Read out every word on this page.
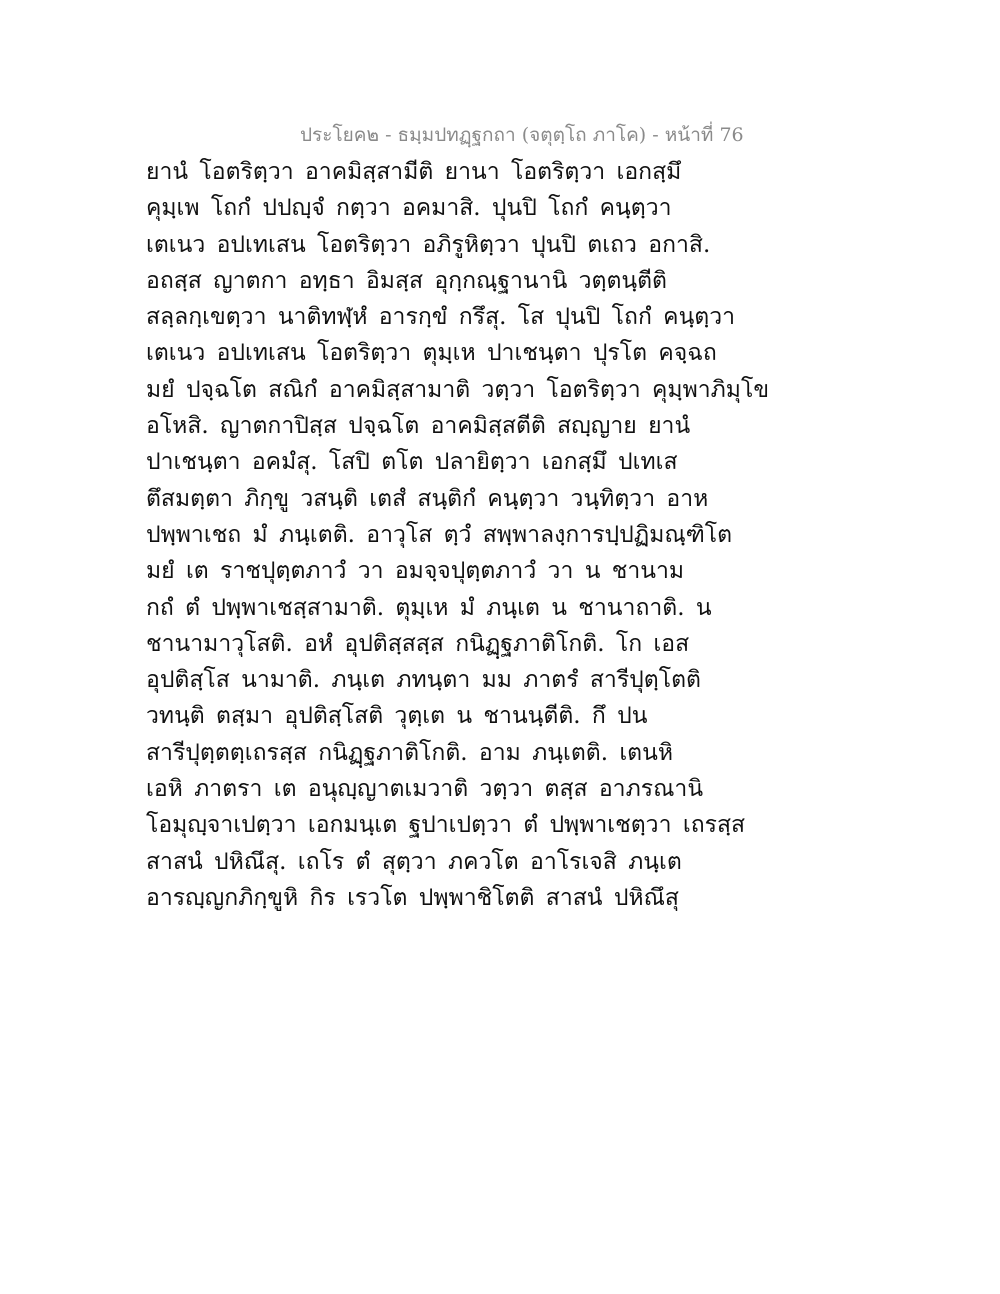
ประโยค๒ - ธมฺมปทฏฺฐกถา (จตุตฺโถ ภาโค) - หน้าที่ 76
ยานํ โอตริตฺวา อาคมิสฺสามีติ ยานา โอตริตฺวา เอกสฺมึ
คุมฺเพ โถกํ ปปญฺจํ กตฺวา อคมาสิ. ปุนปิ โถกํ คนฺตฺวา
เตเนว อปเทเสน โอตริตฺวา อภิรูหิตฺวา ปุนปิ ตเถว อกาสิ.
อถสฺส ญาตกา อทฺธา อิมสฺส อุกฺกณฺฐานานิ วตฺตนฺตีติ
สลฺลกฺเขตฺวา นาติทฬฺหํ อารกฺขํ กรึสุ. โส ปุนปิ โถกํ คนฺตฺวา
เตเนว อปเทเสน โอตริตฺวา ตุมฺเห ปาเชนฺตา ปุรโต คจฺฉถ
มยํ ปจฺฉโต สณิกํ อาคมิสฺสามาติ วตฺวา โอตริตฺวา คุมฺพาภิมุโข
อโหสิ. ญาตกาปิสฺส ปจฺฉโต อาคมิสฺสตีติ สญฺญาย ยานํ
ปาเชนฺตา อคมํสุ. โสปิ ตโต ปลายิตฺวา เอกสฺมึ ปเทเส
ตึสมตฺตา ภิกฺขู วสนฺติ เตสํ สนฺติกํ คนฺตฺวา วนฺทิตฺวา อาห
ปพฺพาเชถ มํ ภนฺเตติ. อาวุโส ตฺวํ สพฺพาลงฺการปฺปฏิมณฺฑิโต
มยํ เต ราชปุตฺตภาวํ วา อมจฺจปุตฺตภาวํ วา น ชานาม
กถํ ตํ ปพฺพาเชสฺสามาติ. ตุมฺเห มํ ภนฺเต น ชานาถาติ. น
ชานามาวุโสติ. อหํ อุปติสฺสสฺส กนิฏฺฐภาติโกติ. โก เอส
อุปติสฺโส นามาติ. ภนฺเต ภทนฺตา มม ภาตรํ สารีปุตฺโตติ
วทนฺติ ตสฺมา อุปติสฺโสติ วุตฺเต น ชานนฺตีติ. กึ ปน
สารีปุตฺตตฺเถรสฺส กนิฏฺฐภาติโกติ. อาม ภนฺเตติ. เตนหิ
เอหิ ภาตรา เต อนุญฺญาตเมวาติ วตฺวา ตสฺส อาภรณานิ
โอมุญฺจาเปตฺวา เอกมนฺเต ฐปาเปตฺวา ตํ ปพฺพาเชตฺวา เถรสฺส
สาสนํ ปหิณึสุ. เถโร ตํ สุตฺวา ภควโต อาโรเจสิ ภนฺเต
อารญฺญกภิกฺขูหิ กิร เรวโต ปพฺพาชิโตติ สาสนํ ปหิณึสุ
